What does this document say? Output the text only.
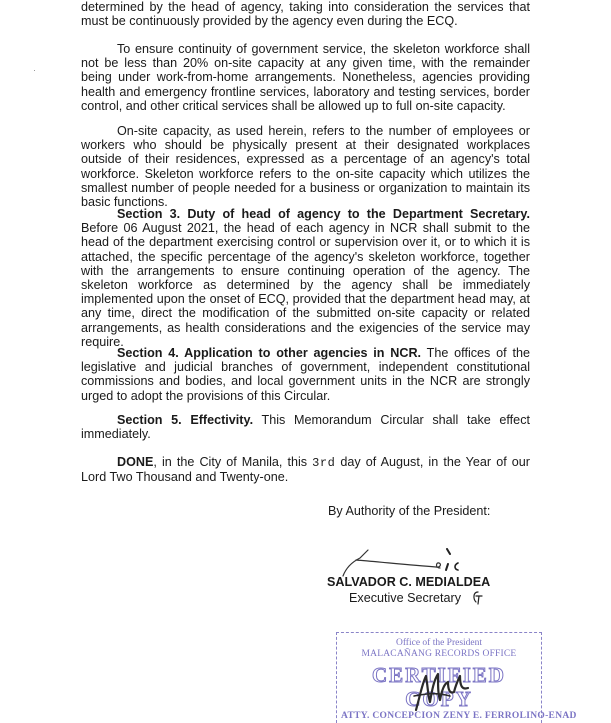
determined by the head of agency, taking into consideration the services that must be continuously provided by the agency even during the ECQ.

To ensure continuity of government service, the skeleton workforce shall not be less than 20% on-site capacity at any given time, with the remainder being under work-from-home arrangements. Nonetheless, agencies providing health and emergency frontline services, laboratory and testing services, border control, and other critical services shall be allowed up to full on-site capacity.

On-site capacity, as used herein, refers to the number of employees or workers who should be physically present at their designated workplaces outside of their residences, expressed as a percentage of an agency's total workforce. Skeleton workforce refers to the on-site capacity which utilizes the smallest number of people needed for a business or organization to maintain its basic functions.

Section 3. Duty of head of agency to the Department Secretary. Before 06 August 2021, the head of each agency in NCR shall submit to the head of the department exercising control or supervision over it, or to which it is attached, the specific percentage of the agency's skeleton workforce, together with the arrangements to ensure continuing operation of the agency. The skeleton workforce as determined by the agency shall be immediately implemented upon the onset of ECQ, provided that the department head may, at any time, direct the modification of the submitted on-site capacity or related arrangements, as health considerations and the exigencies of the service may require.

Section 4. Application to other agencies in NCR. The offices of the legislative and judicial branches of government, independent constitutional commissions and bodies, and local government units in the NCR are strongly urged to adopt the provisions of this Circular.

Section 5. Effectivity. This Memorandum Circular shall take effect immediately.

DONE, in the City of Manila, this 3rd day of August, in the Year of our Lord Two Thousand and Twenty-one.

By Authority of the President:
SALVADOR C. MEDIALDEA
Executive Secretary
Office of the President
MALACAÑANG RECORDS OFFICE
CERTIFIED COPY
ATTY. CONCEPCION ZENY E. FERROLINO-ENAD
